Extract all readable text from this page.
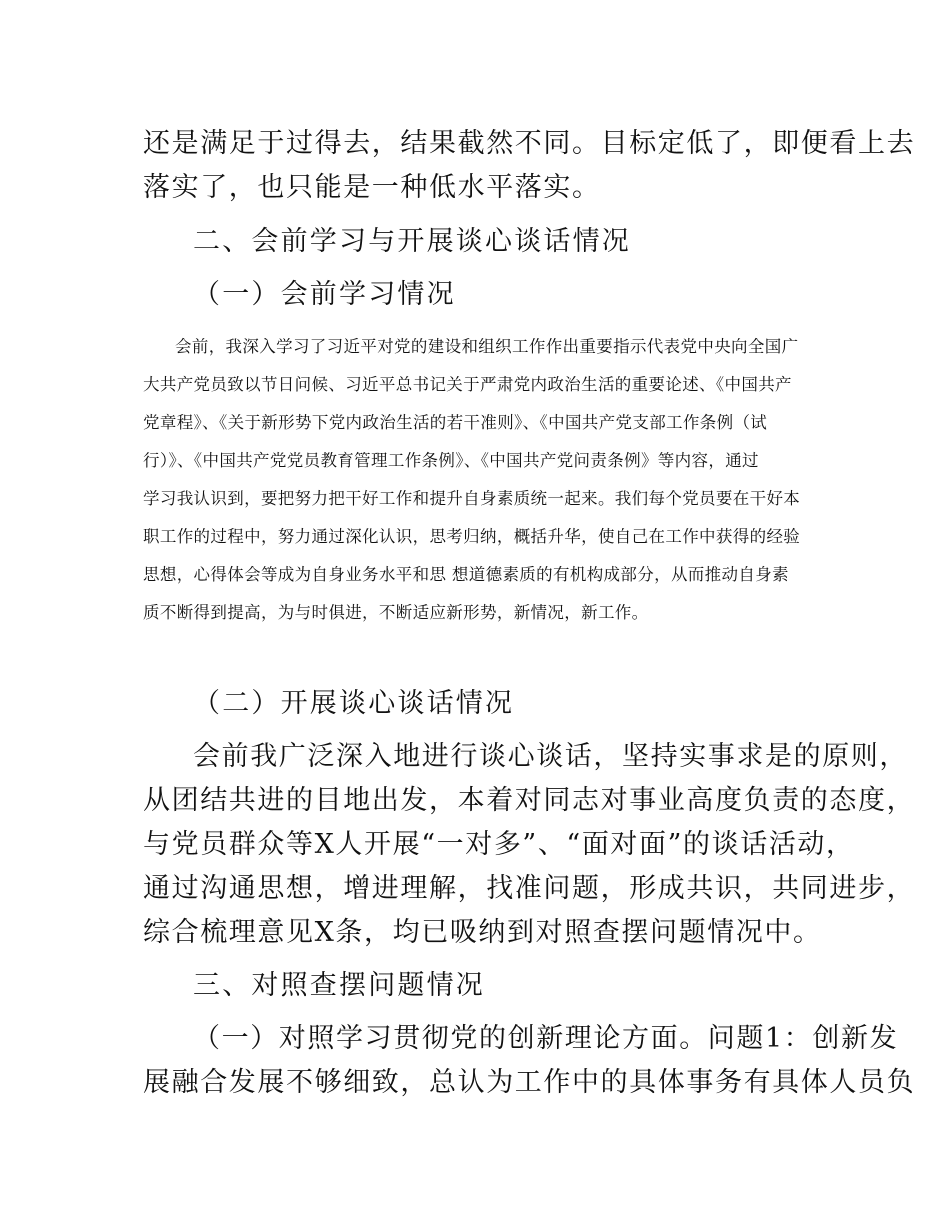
还是满足于过得去，结果截然不同。目标定低了，即便看上去
落实了，也只能是一种低水平落实。
二、会前学习与开展谈心谈话情况
（一）会前学习情况
会前，我深入学习了习近平对党的建设和组织工作作出重要指示代表党中央向全国广
大共产党员致以节日问候、习近平总书记关于严肃党内政治生活的重要论述、《中国共产
党章程》、《关于新形势下党内政治生活的若干准则》、《中国共产党支部工作条例（试
行）》、《中国共产党党员教育管理工作条例》、《中国共产党问责条例》等内容，通过
学习我认识到，要把努力把干好工作和提升自身素质统一起来。我们每个党员要在干好本
职工作的过程中，努力通过深化认识，思考归纳，概括升华，使自己在工作中获得的经验
思想，心得体会等成为自身业务水平和思 想道德素质的有机构成部分，从而推动自身素
质不断得到提高，为与时俱进，不断适应新形势，新情况，新工作。
（二）开展谈心谈话情况
会前我广泛深入地进行谈心谈话，坚持实事求是的原则，
从团结共进的目地出发，本着对同志对事业高度负责的态度，
与党员群众等X人开展“一对多”、“面对面”的谈话活动，
通过沟通思想，增进理解，找准问题，形成共识，共同进步，
综合梳理意见X条，均已吸纳到对照查摆问题情况中。
三、对照查摆问题情况
（一）对照学习贯彻党的创新理论方面。问题1：创新发
展融合发展不够细致，总认为工作中的具体事务有具体人员负
